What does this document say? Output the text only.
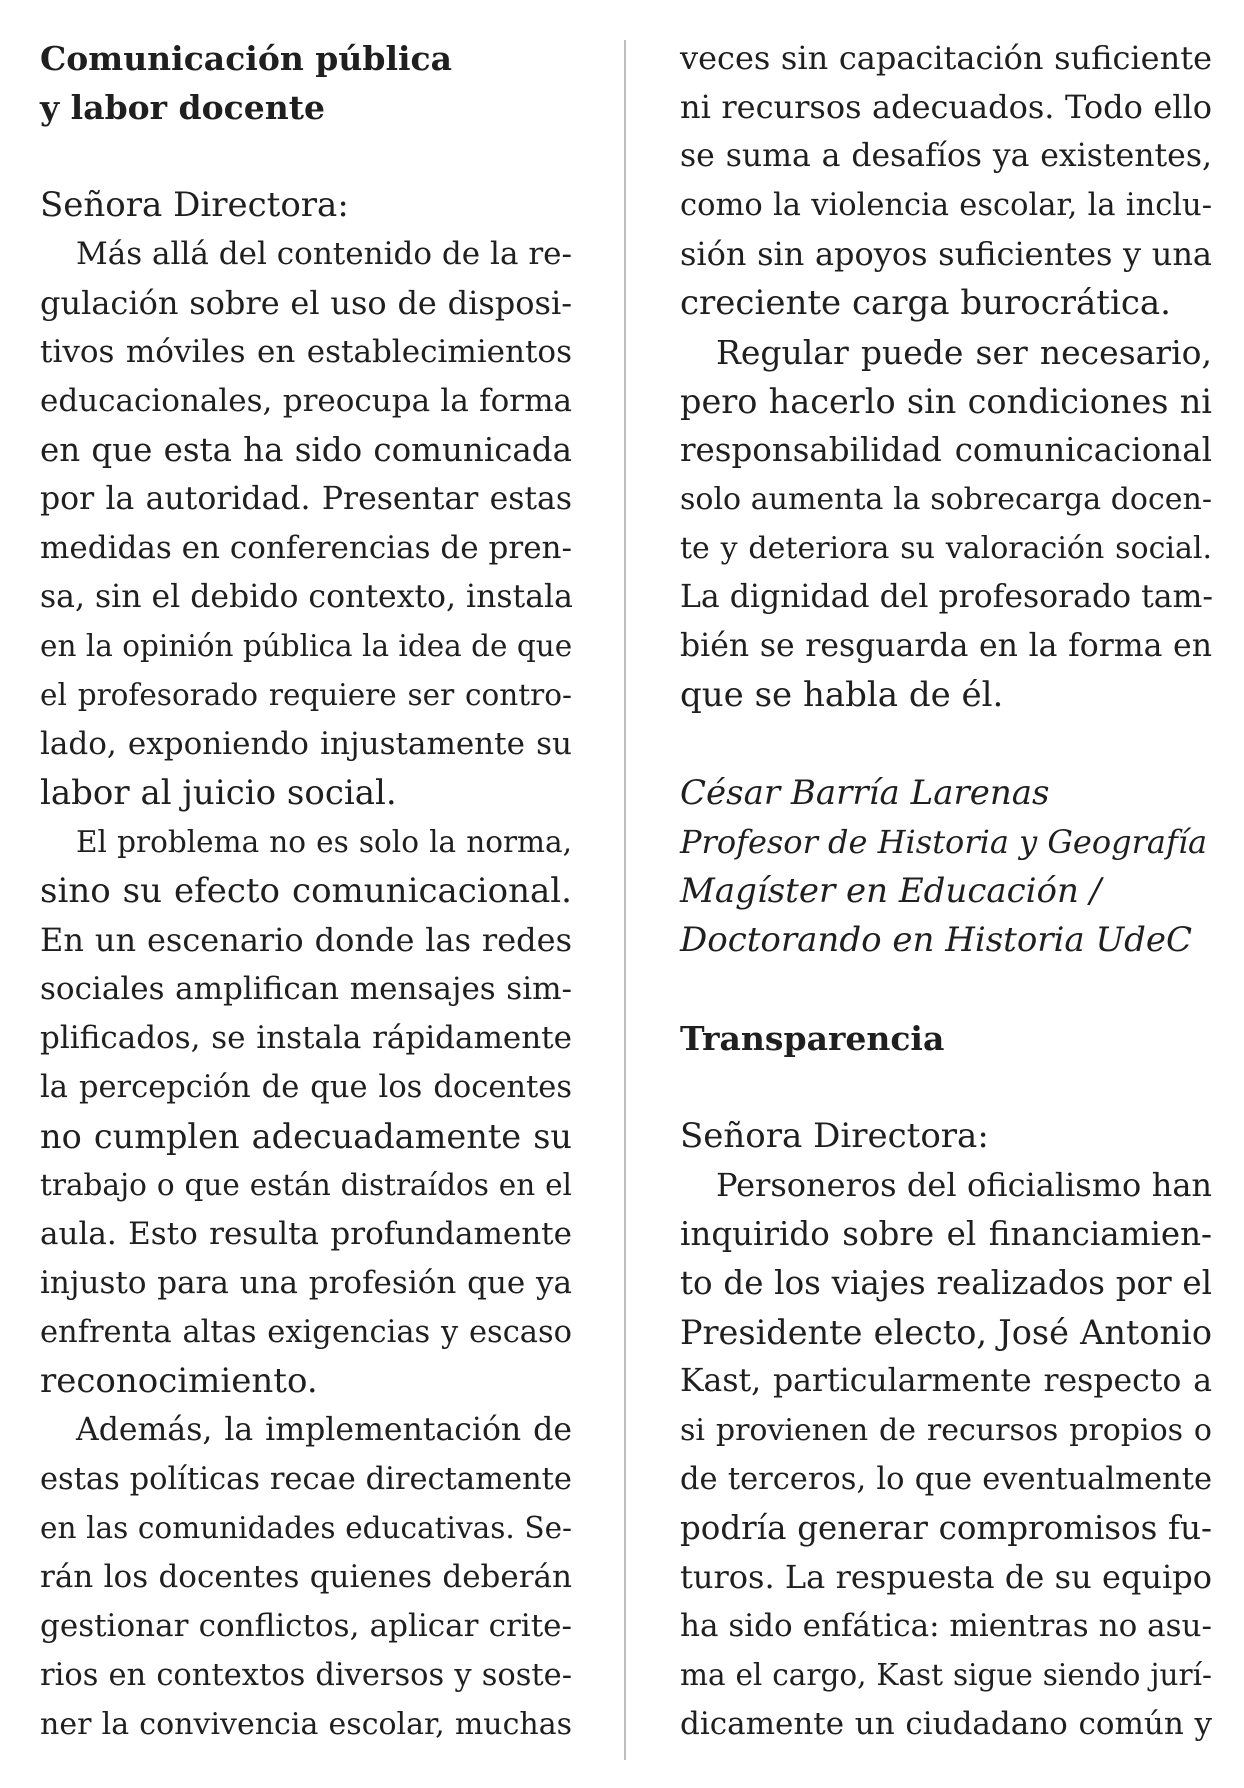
Comunicación pública
y labor docente
Señora Directora:
Más allá del contenido de la re-
gulación sobre el uso de disposi-
tivos móviles en establecimientos
educacionales, preocupa la forma
en que esta ha sido comunicada
por la autoridad. Presentar estas
medidas en conferencias de pren-
sa, sin el debido contexto, instala
en la opinión pública la idea de que
el profesorado requiere ser contro-
lado, exponiendo injustamente su
labor al juicio social.
El problema no es solo la norma,
sino su efecto comunicacional.
En un escenario donde las redes
sociales amplifican mensajes sim-
plificados, se instala rápidamente
la percepción de que los docentes
no cumplen adecuadamente su
trabajo o que están distraídos en el
aula. Esto resulta profundamente
injusto para una profesión que ya
enfrenta altas exigencias y escaso
reconocimiento.
Además, la implementación de
estas políticas recae directamente
en las comunidades educativas. Se-
rán los docentes quienes deberán
gestionar conflictos, aplicar crite-
rios en contextos diversos y soste-
ner la convivencia escolar, muchas
veces sin capacitación suficiente
ni recursos adecuados. Todo ello
se suma a desafíos ya existentes,
como la violencia escolar, la inclu-
sión sin apoyos suficientes y una
creciente carga burocrática.
Regular puede ser necesario,
pero hacerlo sin condiciones ni
responsabilidad comunicacional
solo aumenta la sobrecarga docen-
te y deteriora su valoración social.
La dignidad del profesorado tam-
bién se resguarda en la forma en
que se habla de él.
César Barría Larenas
Profesor de Historia y Geografía
Magíster en Educación /
Doctorando en Historia UdeC
Transparencia
Señora Directora:
Personeros del oficialismo han
inquirido sobre el financiamien-
to de los viajes realizados por el
Presidente electo, José Antonio
Kast, particularmente respecto a
si provienen de recursos propios o
de terceros, lo que eventualmente
podría generar compromisos fu-
turos. La respuesta de su equipo
ha sido enfática: mientras no asu-
ma el cargo, Kast sigue siendo jurí-
dicamente un ciudadano común y
